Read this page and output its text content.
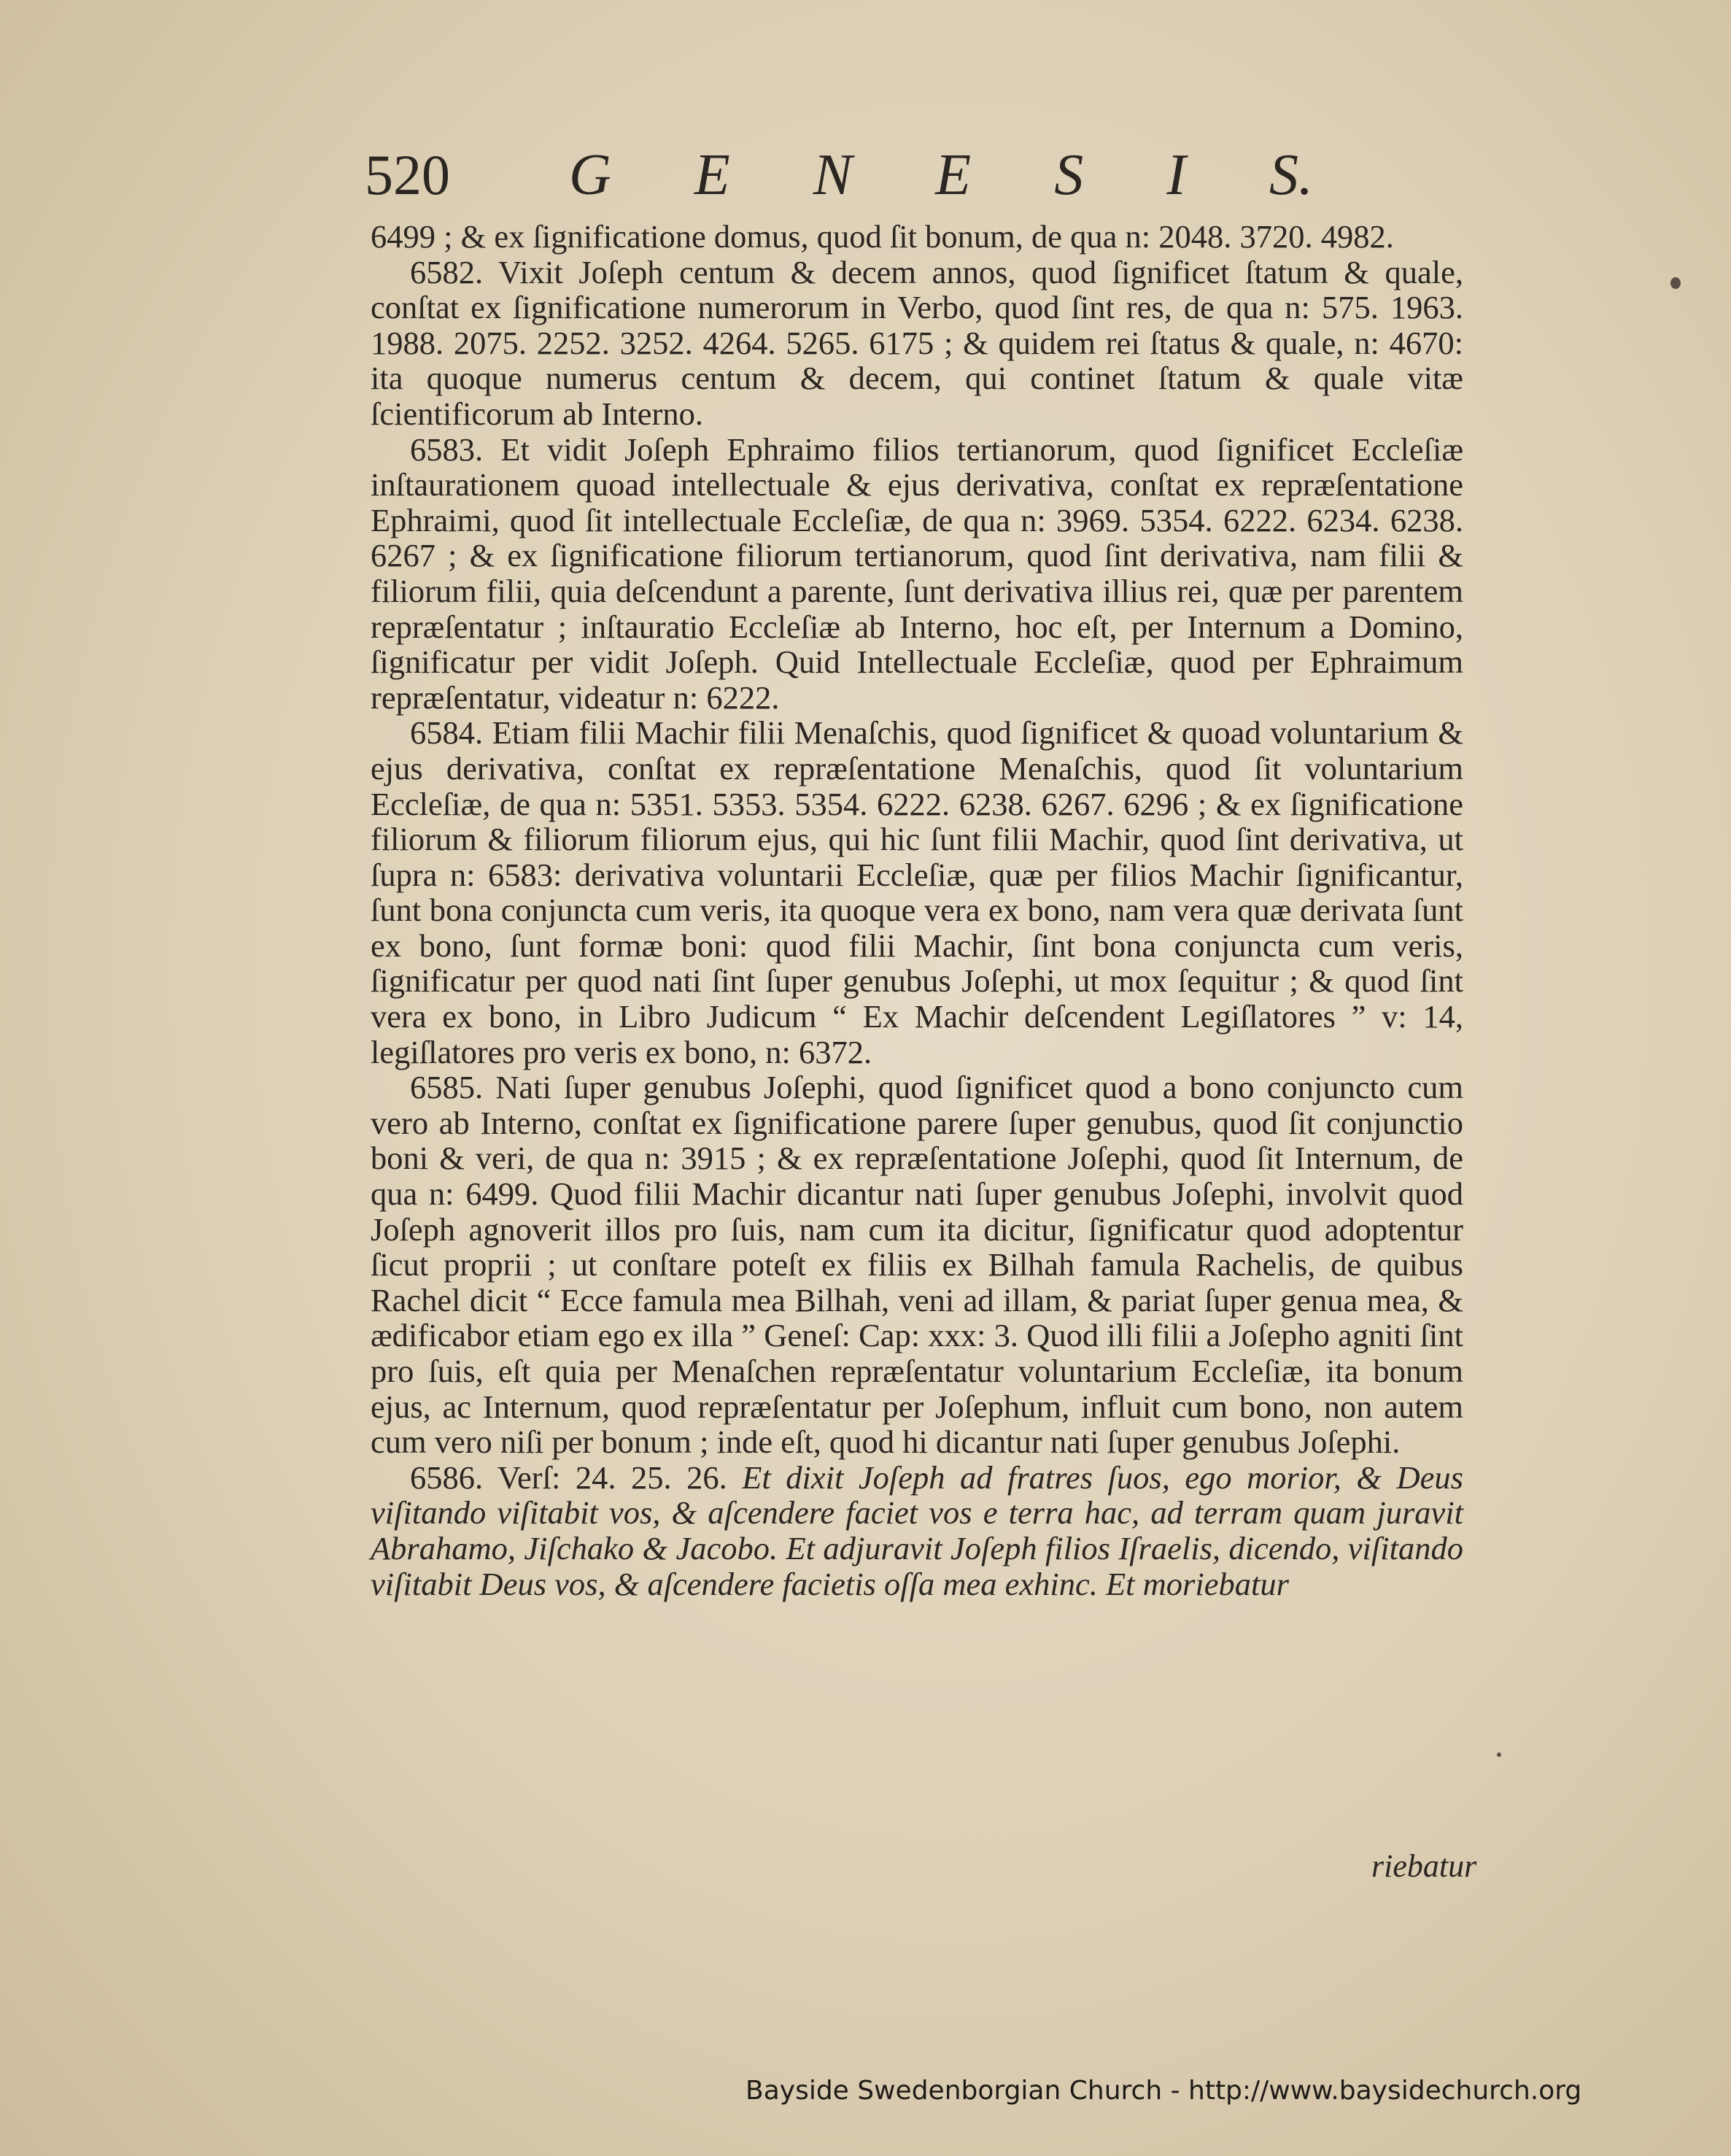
520 G E N E S I S.

6499 ; & ex ſignificatione domus, quod ſit bonum, de qua n: 2048. 3720. 4982.

6582. Vixit Joſeph centum & decem annos, quod ſignificet ſtatum & quale, conſtat ex ſignificatione numerorum in Verbo, quod ſint res, de qua n: 575. 1963. 1988. 2075. 2252. 3252. 4264. 5265. 6175 ; & quidem rei ſtatus & quale, n: 4670: ita quoque numerus centum & decem, qui continet ſtatum & quale vitæ ſcientificorum ab Interno.

6583. Et vidit Joſeph Ephraimo filios tertianorum, quod ſignificet Eccleſiæ inſtaurationem quoad intellectuale & ejus derivativa, conſtat ex repræſentatione Ephraimi, quod ſit intellectuale Eccleſiæ, de qua n: 3969. 5354. 6222. 6234. 6238. 6267 ; & ex ſignificatione filiorum tertianorum, quod ſint derivativa, nam filii & filiorum filii, quia deſcendunt a parente, ſunt derivativa illius rei, quæ per parentem repræſentatur ; inſtauratio Eccleſiæ ab Interno, hoc eſt, per Internum a Domino, ſignificatur per vidit Joſeph. Quid Intellectuale Eccleſiæ, quod per Ephraimum repræſentatur, videatur n: 6222.

6584. Etiam filii Machir filii Menaſchis, quod ſignificet & quoad voluntarium & ejus derivativa, conſtat ex repræſentatione Menaſchis, quod ſit voluntarium Eccleſiæ, de qua n: 5351. 5353. 5354. 6222. 6238. 6267. 6296 ; & ex ſignificatione filiorum & filiorum filiorum ejus, qui hic ſunt filii Machir, quod ſint derivativa, ut ſupra n: 6583: derivativa voluntarii Eccleſiæ, quæ per filios Machir ſignificantur, ſunt bona conjuncta cum veris, ita quoque vera ex bono, nam vera quæ derivata ſunt ex bono, ſunt formæ boni: quod filii Machir, ſint bona conjuncta cum veris, ſignificatur per quod nati ſint ſuper genubus Joſephi, ut mox ſequitur ; & quod ſint vera ex bono, in Libro Judicum “ Ex Machir deſcendent Legiſlatores ” v: 14, legiſlatores pro veris ex bono, n: 6372.

6585. Nati ſuper genubus Joſephi, quod ſignificet quod a bono conjuncto cum vero ab Interno, conſtat ex ſignificatione parere ſuper genubus, quod ſit conjunctio boni & veri, de qua n: 3915 ; & ex repræſentatione Joſephi, quod ſit Internum, de qua n: 6499. Quod filii Machir dicantur nati ſuper genubus Joſephi, involvit quod Joſeph agnoverit illos pro ſuis, nam cum ita dicitur, ſignificatur quod adoptentur ſicut proprii ; ut conſtare poteſt ex filiis ex Bilhah famula Rachelis, de quibus Rachel dicit “ Ecce famula mea Bilhah, veni ad illam, & pariat ſuper genua mea, & ædificabor etiam ego ex illa ” Geneſ: Cap: xxx: 3. Quod illi filii a Joſepho agniti ſint pro ſuis, eſt quia per Menaſchen repræſentatur voluntarium Eccleſiæ, ita bonum ejus, ac Internum, quod repræſentatur per Joſephum, influit cum bono, non autem cum vero niſi per bonum ; inde eſt, quod hi dicantur nati ſuper genubus Joſephi.

6586. Verſ: 24. 25. 26. Et dixit Joſeph ad fratres ſuos, ego morior, & Deus viſitando viſitabit vos, & aſcendere faciet vos e terra hac, ad terram quam juravit Abrahamo, Jiſchako & Jacobo. Et adjuravit Joſeph filios Iſraelis, dicendo, viſitando viſitabit Deus vos, & aſcendere facietis oſſa mea exhinc. Et moriebatur

riebatur
Bayside Swedenborgian Church - http://www.baysidechurch.org
